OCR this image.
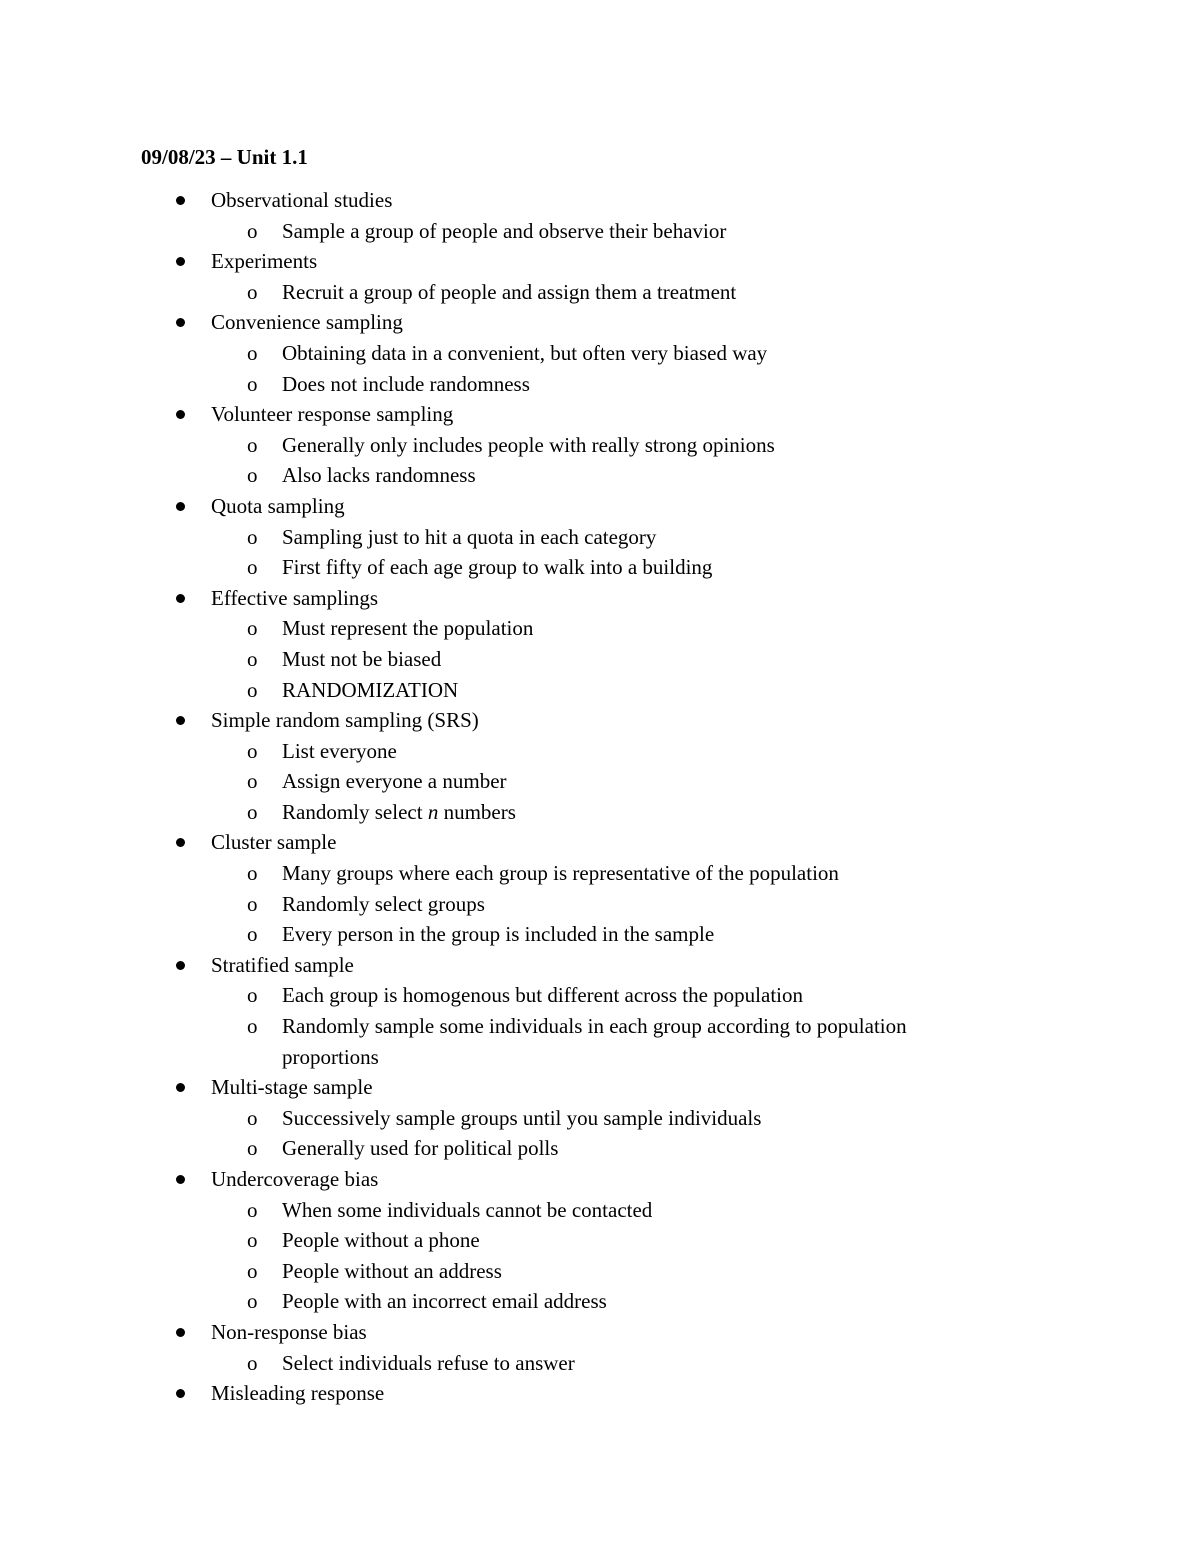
09/08/23 – Unit 1.1
Observational studies
o Sample a group of people and observe their behavior
Experiments
o Recruit a group of people and assign them a treatment
Convenience sampling
o Obtaining data in a convenient, but often very biased way
o Does not include randomness
Volunteer response sampling
o Generally only includes people with really strong opinions
o Also lacks randomness
Quota sampling
o Sampling just to hit a quota in each category
o First fifty of each age group to walk into a building
Effective samplings
o Must represent the population
o Must not be biased
o RANDOMIZATION
Simple random sampling (SRS)
o List everyone
o Assign everyone a number
o Randomly select n numbers
Cluster sample
o Many groups where each group is representative of the population
o Randomly select groups
o Every person in the group is included in the sample
Stratified sample
o Each group is homogenous but different across the population
o Randomly sample some individuals in each group according to population proportions
Multi-stage sample
o Successively sample groups until you sample individuals
o Generally used for political polls
Undercoverage bias
o When some individuals cannot be contacted
o People without a phone
o People without an address
o People with an incorrect email address
Non-response bias
o Select individuals refuse to answer
Misleading response
